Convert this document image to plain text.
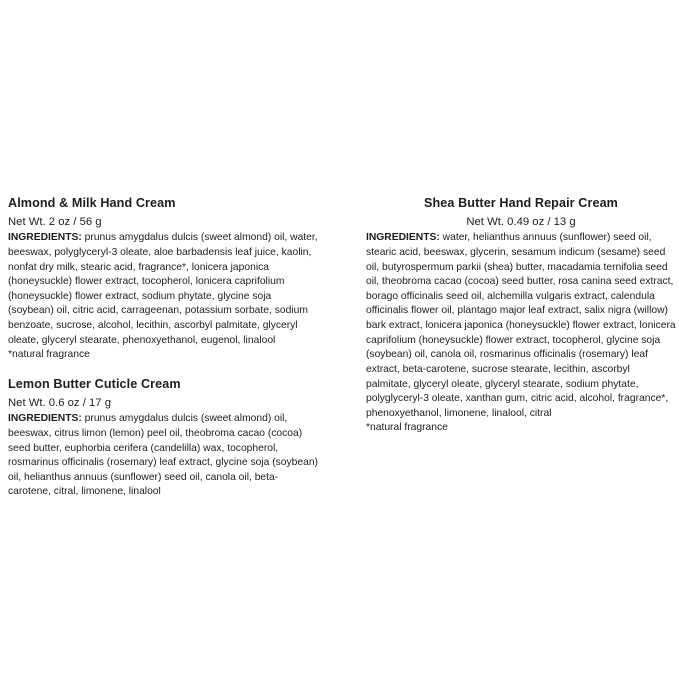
Almond & Milk Hand Cream
Net Wt. 2 oz / 56 g

INGREDIENTS: prunus amygdalus dulcis (sweet almond) oil, water, beeswax, polyglyceryl-3 oleate, aloe barbadensis leaf juice, kaolin, nonfat dry milk, stearic acid, fragrance*, lonicera japonica (honeysuckle) flower extract, tocopherol, lonicera caprifolium (honeysuckle) flower extract, sodium phytate, glycine soja (soybean) oil, citric acid, carrageenan, potassium sorbate, sodium benzoate, sucrose, alcohol, lecithin, ascorbyl palmitate, glyceryl oleate, glyceryl stearate, phenoxyethanol, eugenol, linalool

*natural fragrance

Lemon Butter Cuticle Cream
Net Wt. 0.6 oz / 17 g

INGREDIENTS: prunus amygdalus dulcis (sweet almond) oil, beeswax, citrus limon (lemon) peel oil, theobroma cacao (cocoa) seed butter, euphorbia cerifera (candelilla) wax, tocopherol, rosmarinus officinalis (rosemary) leaf extract, glycine soja (soybean) oil, helianthus annuus (sunflower) seed oil, canola oil, beta-carotene, citral, limonene, linalool

Shea Butter Hand Repair Cream
Net Wt. 0.49 oz / 13 g

INGREDIENTS: water, helianthus annuus (sunflower) seed oil, stearic acid, beeswax, glycerin, sesamum indicum (sesame) seed oil, butyrospermum parkii (shea) butter, macadamia ternifolia seed oil, theobroma cacao (cocoa) seed butter, rosa canina seed extract, borago officinalis seed oil, alchemilla vulgaris extract, calendula officinalis flower oil, plantago major leaf extract, salix nigra (willow) bark extract, lonicera japonica (honeysuckle) flower extract, lonicera caprifolium (honeysuckle) flower extract, tocopherol, glycine soja (soybean) oil, canola oil, rosmarinus officinalis (rosemary) leaf extract, beta-carotene, sucrose stearate, lecithin, ascorbyl palmitate, glyceryl oleate, glyceryl stearate, sodium phytate, polyglyceryl-3 oleate, xanthan gum, citric acid, alcohol, fragrance*, phenoxyethanol, limonene, linalool, citral

*natural fragrance
